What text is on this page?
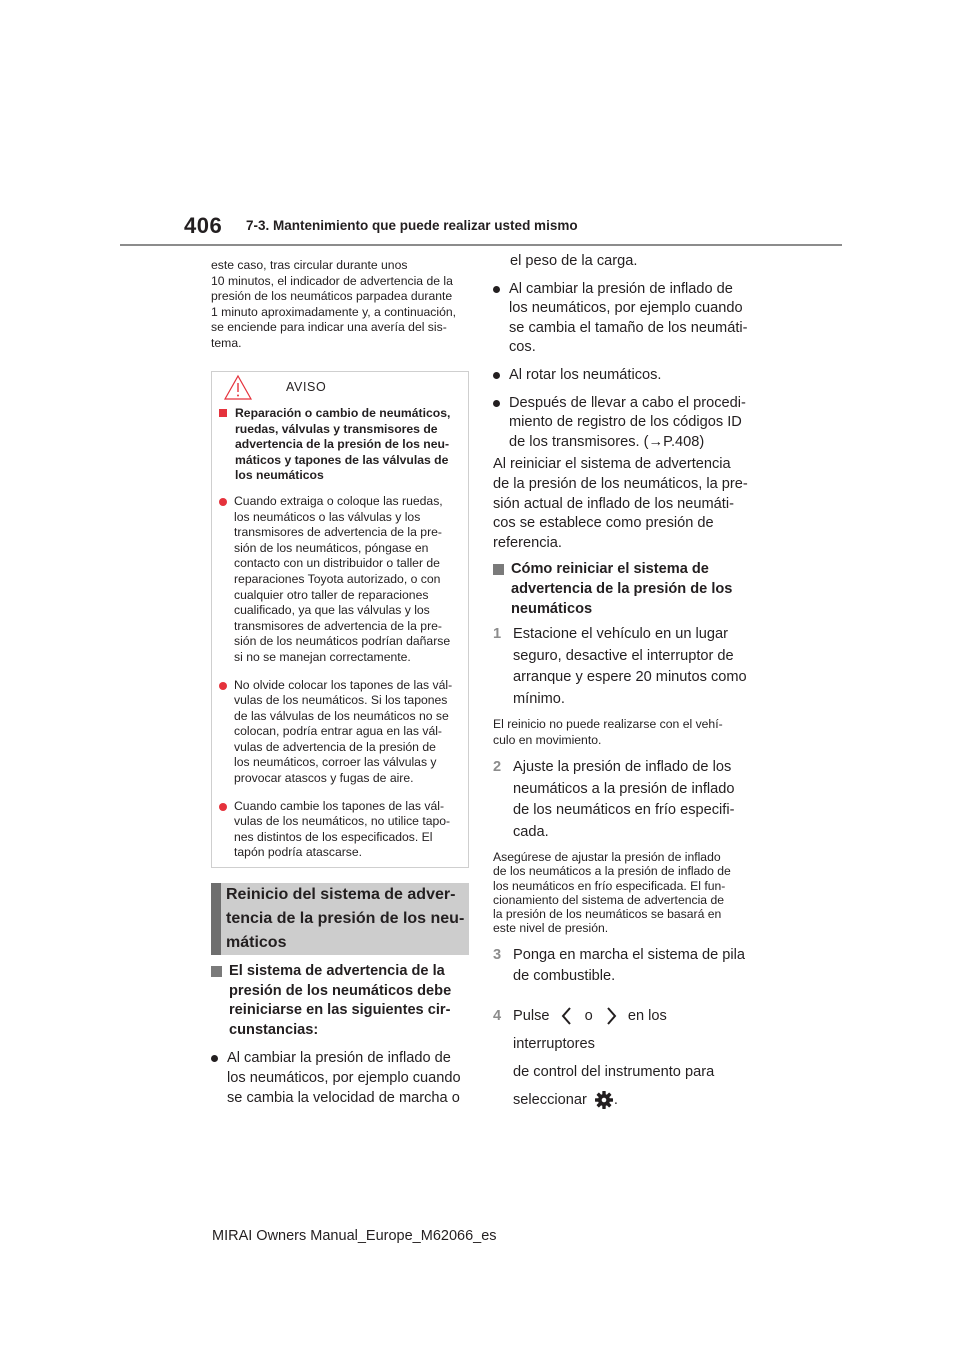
406 7-3. Mantenimiento que puede realizar usted mismo
este caso, tras circular durante unos
10 minutos, el indicador de advertencia de la
presión de los neumáticos parpadea durante
1 minuto aproximadamente y, a continuación,
se enciende para indicar una avería del sis-
tema.
AVISO
Reparación o cambio de neumáticos,
ruedas, válvulas y transmisores de
advertencia de la presión de los neu-
máticos y tapones de las válvulas de
los neumáticos
Cuando extraiga o coloque las ruedas,
los neumáticos o las válvulas y los
transmisores de advertencia de la pre-
sión de los neumáticos, póngase en
contacto con un distribuidor o taller de
reparaciones Toyota autorizado, o con
cualquier otro taller de reparaciones
cualificado, ya que las válvulas y los
transmisores de advertencia de la pre-
sión de los neumáticos podrían dañarse
si no se manejan correctamente.
No olvide colocar los tapones de las vál-
vulas de los neumáticos. Si los tapones
de las válvulas de los neumáticos no se
colocan, podría entrar agua en las vál-
vulas de advertencia de la presión de
los neumáticos, corroer las válvulas y
provocar atascos y fugas de aire.
Cuando cambie los tapones de las vál-
vulas de los neumáticos, no utilice tapo-
nes distintos de los especificados. El
tapón podría atascarse.
Reinicio del sistema de adver-
tencia de la presión de los neu-
máticos
El sistema de advertencia de la
presión de los neumáticos debe
reiniciarse en las siguientes cir-
cunstancias:
Al cambiar la presión de inflado de
los neumáticos, por ejemplo cuando
se cambia la velocidad de marcha o
el peso de la carga.
Al cambiar la presión de inflado de
los neumáticos, por ejemplo cuando
se cambia el tamaño de los neumáti-
cos.
Al rotar los neumáticos.
Después de llevar a cabo el procedi-
miento de registro de los códigos ID
de los transmisores. (→P.408)
Al reiniciar el sistema de advertencia
de la presión de los neumáticos, la pre-
sión actual de inflado de los neumáti-
cos se establece como presión de
referencia.
Cómo reiniciar el sistema de
advertencia de la presión de los
neumáticos
1 Estacione el vehículo en un lugar
seguro, desactive el interruptor de
arranque y espere 20 minutos como
mínimo.
El reinicio no puede realizarse con el vehí-
culo en movimiento.
2 Ajuste la presión de inflado de los
neumáticos a la presión de inflado
de los neumáticos en frío especifi-
cada.
Asegúrese de ajustar la presión de inflado
de los neumáticos a la presión de inflado de
los neumáticos en frío especificada. El fun-
cionamiento del sistema de advertencia de
la presión de los neumáticos se basará en
este nivel de presión.
3 Ponga en marcha el sistema de pila
de combustible.
4 Pulse o en los interruptores
de control del instrumento para
seleccionar .
MIRAI Owners Manual_Europe_M62066_es
